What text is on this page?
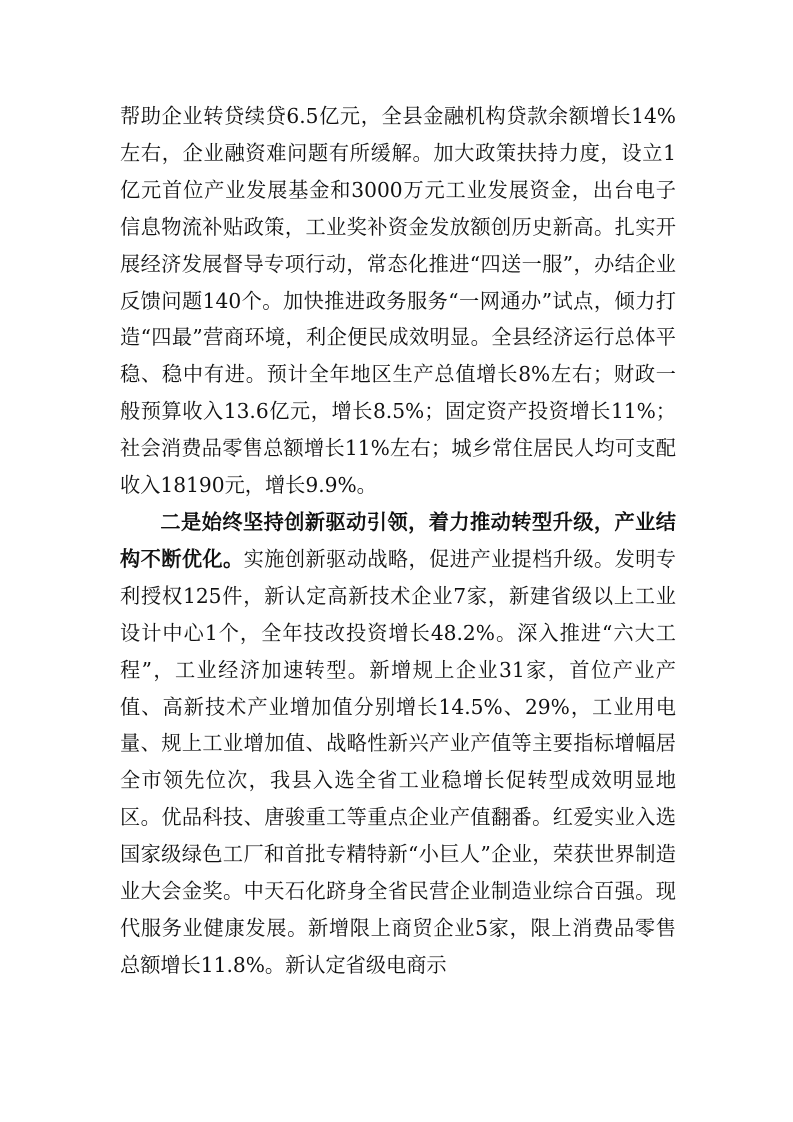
帮助企业转贷续贷6.5亿元，全县金融机构贷款余额增长14%左右，企业融资难问题有所缓解。加大政策扶持力度，设立1亿元首位产业发展基金和3000万元工业发展资金，出台电子信息物流补贴政策，工业奖补资金发放额创历史新高。扎实开展经济发展督导专项行动，常态化推进“四送一服”，办结企业反馈问题140个。加快推进政务服务“一网通办”试点，倾力打造“四最”营商环境，利企便民成效明显。全县经济运行总体平稳、稳中有进。预计全年地区生产总值增长8%左右；财政一般预算收入13.6亿元，增长8.5%；固定资产投资增长11%；社会消费品零售总额增长11%左右；城乡常住居民人均可支配收入18190元，增长9.9%。

二是始终坚持创新驱动引领，着力推动转型升级，产业结构不断优化。实施创新驱动战略，促进产业提档升级。发明专利授权125件，新认定高新技术企业7家，新建省级以上工业设计中心1个，全年技改投资增长48.2%。深入推进“六大工程”，工业经济加速转型。新增规上企业31家，首位产业产值、高新技术产业增加值分别增长14.5%、29%，工业用电量、规上工业增加值、战略性新兴产业产值等主要指标增幅居全市领先位次，我县入选全省工业稳增长促转型成效明显地区。优品科技、唐骏重工等重点企业产值翻番。红爱实业入选国家级绿色工厂和首批专精特新“小巨人”企业，荣获世界制造业大会金奖。中天石化跻身全省民营企业制造业综合百强。现代服务业健康发展。新增限上商贸企业5家，限上消费品零售总额增长11.8%。新认定省级电商示
